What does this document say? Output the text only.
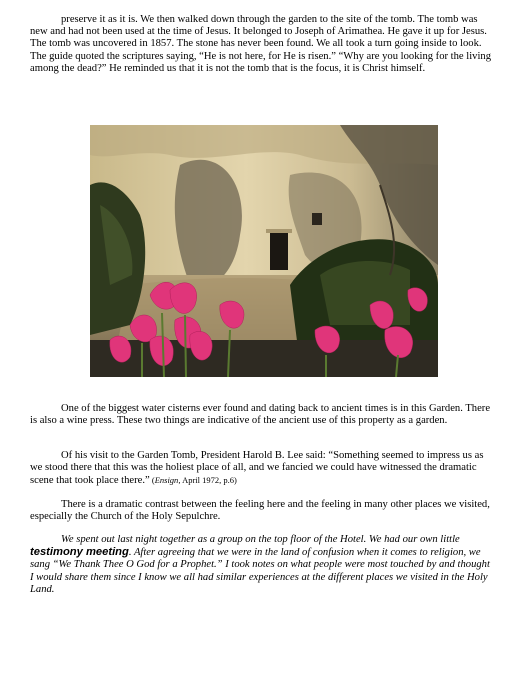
preserve it as it is. We then walked down through the garden to the site of the tomb. The tomb was new and had not been used at the time of Jesus. It belonged to Joseph of Arimathea. He gave it up for Jesus. The tomb was uncovered in 1857. The stone has never been found. We all took a turn going inside to look. The guide quoted the scriptures saying, “He is not here, for He is risen.” “Why are you looking for the living among the dead?” He reminded us that it is not the tomb that is the focus, it is Christ himself.

One of the biggest water cisterns ever found and dating back to ancient times is in this Garden. There is also a wine press. These two things are indicative of the ancient use of this property as a garden.

Of his visit to the Garden Tomb, President Harold B. Lee said: “Something seemed to impress us as we stood there that this was the holiest place of all, and we fancied we could have witnessed the dramatic scene that took place there.” (Ensign, April 1972, p.6)

There is a dramatic contrast between the feeling here and the feeling in many other places we visited, especially the Church of the Holy Sepulchre.

We spent out last night together as a group on the top floor of the Hotel. We had our own little testimony meeting. After agreeing that we were in the land of confusion when it comes to religion, we sang “We Thank Thee O God for a Prophet.” I took notes on what people were most touched by and thought I would share them since I know we all had similar experiences at the different places we visited in the Holy Land.
